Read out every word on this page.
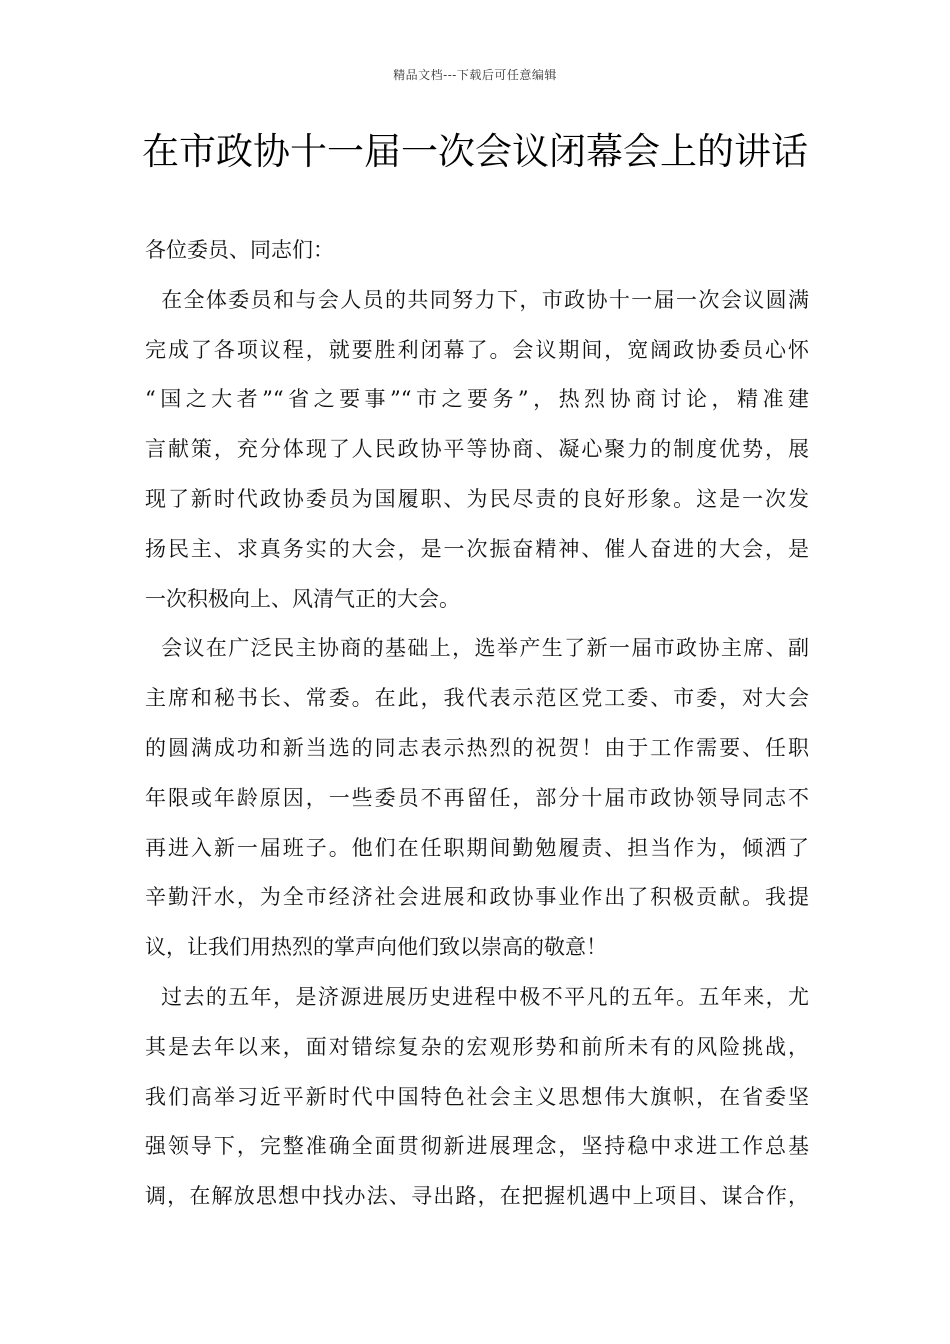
精品文档---下载后可任意编辑
在市政协十一届一次会议闭幕会上的讲话
各位委员、同志们：
在全体委员和与会人员的共同努力下，市政协十一届一次会议圆满
完成了各项议程，就要胜利闭幕了。会议期间，宽阔政协委员心怀
“国之大者”“省之要事”“市之要务”，热烈协商讨论，精准建
言献策，充分体现了人民政协平等协商、凝心聚力的制度优势，展
现了新时代政协委员为国履职、为民尽责的良好形象。这是一次发
扬民主、求真务实的大会，是一次振奋精神、催人奋进的大会，是
一次积极向上、风清气正的大会。
会议在广泛民主协商的基础上，选举产生了新一届市政协主席、副
主席和秘书长、常委。在此，我代表示范区党工委、市委，对大会
的圆满成功和新当选的同志表示热烈的祝贺！由于工作需要、任职
年限或年龄原因，一些委员不再留任，部分十届市政协领导同志不
再进入新一届班子。他们在任职期间勤勉履责、担当作为，倾洒了
辛勤汗水，为全市经济社会进展和政协事业作出了积极贡献。我提
议，让我们用热烈的掌声向他们致以崇高的敬意！
过去的五年，是济源进展历史进程中极不平凡的五年。五年来，尤
其是去年以来，面对错综复杂的宏观形势和前所未有的风险挑战，
我们高举习近平新时代中国特色社会主义思想伟大旗帜，在省委坚
强领导下，完整准确全面贯彻新进展理念，坚持稳中求进工作总基
调，在解放思想中找办法、寻出路，在把握机遇中上项目、谋合作，
